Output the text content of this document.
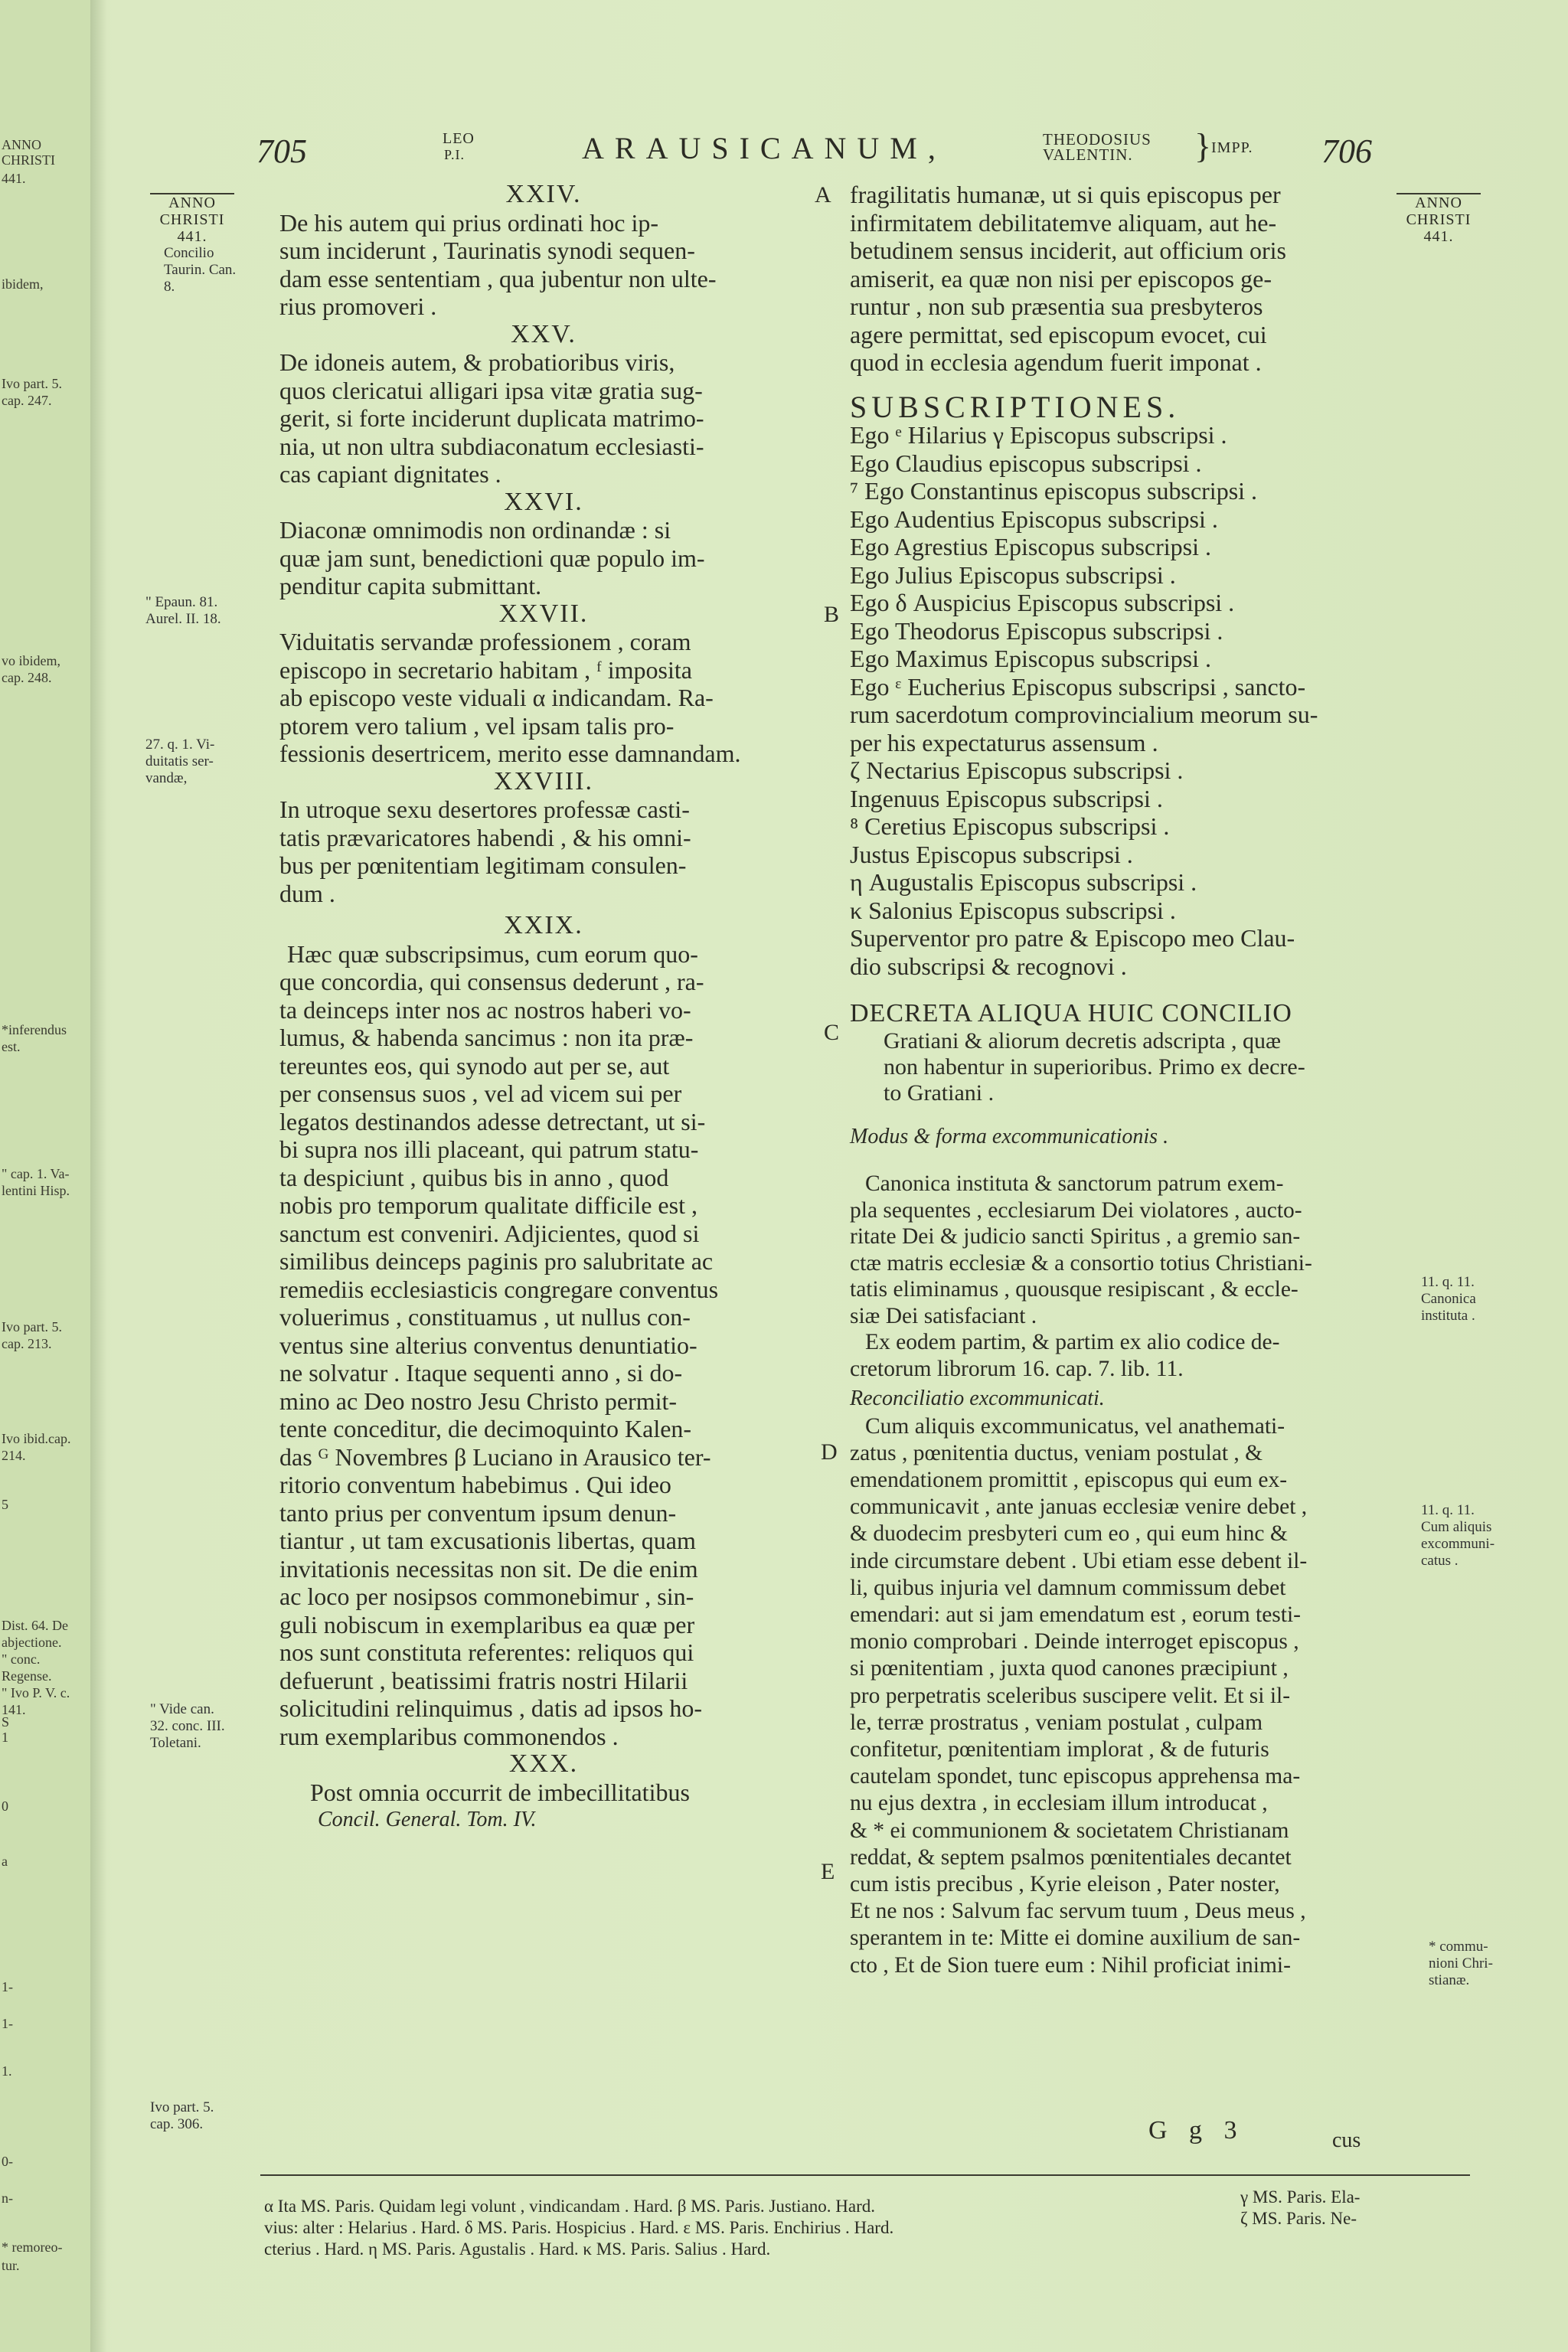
ANNO
CHRISTI
441.
ibidem,
Ivo part. 5.
cap. 247.
vo ibidem,
cap. 248.
*inferendus
est.
" cap. 1. Va-
lentini Hisp.
Ivo part. 5.
cap. 213.
Ivo ibid.cap.
214.
5
Dist. 64. De
abjectione.
" conc.
Regense.
" Ivo P. V. c.
141.
S
1
0
a
1-
1-
1.
0-
n-
* remoreo-
tur.
705	LEO
P.I.	ARAUSICANUM,	THEODOSIUS
VALENTIN. } IMPP. 706
ANNO
CHRISTI
441.
ANNO
CHRISTI
441.
Concilio
Taurin. Can.
8.
" Epaun. 81.
Aurel. II. 18.
27. q. 1. Vi-
duitatis ser-
vandæ,
" Vide can.
32. conc. III.
Toletani.
Ivo part. 5.
cap. 306.
A
B
C
D
E

XXIV.

De his autem qui prius ordinati hoc ip-
sum inciderunt , Taurinatis synodi sequen-
dam esse sententiam , qua jubentur non ulte-
rius promoveri .

XXV.

De idoneis autem, & probatioribus viris,
quos clericatui alligari ipsa vitæ gratia sug-
gerit, si forte inciderunt duplicata matrimo-
nia, ut non ultra subdiaconatum ecclesiasti-
cas capiant dignitates .

XXVI.

Diaconæ omnimodis non ordinandæ : si
quæ jam sunt, benedictioni quæ populo im-
penditur capita submittant.

XXVII.

Viduitatis servandæ professionem , coram
episcopo in secretario habitam , ᶠ imposita
ab episcopo veste viduali α indicandam. Ra-
ptorem vero talium , vel ipsam talis pro-
fessionis desertricem, merito esse damnandam.

XXVIII.

In utroque sexu desertores professæ casti-
tatis prævaricatores habendi , & his omni-
bus per pœnitentiam legitimam consulen-
dum .

XXIX.

Hæc quæ subscripsimus, cum eorum quo-
que concordia, qui consensus dederunt , ra-
ta deinceps inter nos ac nostros haberi vo-
lumus, & habenda sancimus : non ita præ-
tereuntes eos, qui synodo aut per se, aut
per consensus suos , vel ad vicem sui per
legatos destinandos adesse detrectant, ut si-
bi supra nos illi placeant, qui patrum statu-
ta despiciunt , quibus bis in anno , quod
nobis pro temporum qualitate difficile est ,
sanctum est conveniri. Adjicientes, quod si
similibus deinceps paginis pro salubritate ac
remediis ecclesiasticis congregare conventus
voluerimus , constituamus , ut nullus con-
ventus sine alterius conventus denuntiatio-
ne solvatur . Itaque sequenti anno , si do-
mino ac Deo nostro Jesu Christo permit-
tente conceditur, die decimoquinto Kalen-
das ᴳ Novembres β Luciano in Arausico ter-
ritorio conventum habebimus . Qui ideo
tanto prius per conventum ipsum denun-
tiantur , ut tam excusationis libertas, quam
invitationis necessitas non sit. De die enim
ac loco per nosipsos commonebimur , sin-
guli nobiscum in exemplaribus ea quæ per
nos sunt constituta referentes: reliquos qui
defuerunt , beatissimi fratris nostri Hilarii
solicitudini relinquimus , datis ad ipsos ho-
rum exemplaribus commonendos .

XXX.

Post omnia occurrit de imbecillitatibus

Concil. General. Tom. IV.

fragilitatis humanæ, ut si quis episcopus per
infirmitatem debilitatemve aliquam, aut he-
betudinem sensus inciderit, aut officium oris
amiserit, ea quæ non nisi per episcopos ge-
runtur , non sub præsentia sua presbyteros
agere permittat, sed episcopum evocet, cui
quod in ecclesia agendum fuerit imponat .

SUBSCRIPTIONES.

Ego ᵉ Hilarius γ Episcopus subscripsi .
Ego Claudius episcopus subscripsi .
⁷ Ego Constantinus episcopus subscripsi .
Ego Audentius Episcopus subscripsi .
Ego Agrestius Episcopus subscripsi .
Ego Julius Episcopus subscripsi .
Ego δ Auspicius Episcopus subscripsi .
Ego Theodorus Episcopus subscripsi .
Ego Maximus Episcopus subscripsi .
Ego ᵋ Eucherius Episcopus subscripsi , sancto-
rum sacerdotum comprovincialium meorum su-
per his expectaturus assensum .
ζ Nectarius Episcopus subscripsi .
Ingenuus Episcopus subscripsi .
⁸ Ceretius Episcopus subscripsi .
Justus Episcopus subscripsi .
η Augustalis Episcopus subscripsi .
κ Salonius Episcopus subscripsi .
Superventor pro patre & Episcopo meo Clau-
dio subscripsi & recognovi .

DECRETA ALIQUA HUIC CONCILIO

Gratiani & aliorum decretis adscripta , quæ
non habentur in superioribus. Primo ex decre-
to Gratiani .

Modus & forma excommunicationis .

Canonica instituta & sanctorum patrum exem-
pla sequentes , ecclesiarum Dei violatores , aucto-
ritate Dei & judicio sancti Spiritus , a gremio san-
ctæ matris ecclesiæ & a consortio totius Christiani-
tatis eliminamus , quousque resipiscant , & eccle-
siæ Dei satisfaciant .
Ex eodem partim, & partim ex alio codice de-
cretorum librorum 16. cap. 7. lib. 11.

Reconciliatio excommunicati.

Cum aliquis excommunicatus, vel anathemati-
zatus , pœnitentia ductus, veniam postulat , &
emendationem promittit , episcopus qui eum ex-
communicavit , ante januas ecclesiæ venire debet ,
& duodecim presbyteri cum eo , qui eum hinc &
inde circumstare debent . Ubi etiam esse debent il-
li, quibus injuria vel damnum commissum debet
emendari: aut si jam emendatum est , eorum testi-
monio comprobari . Deinde interroget episcopus ,
si pœnitentiam , juxta quod canones præcipiunt ,
pro perpetratis sceleribus suscipere velit. Et si il-
le, terræ prostratus , veniam postulat , culpam
confitetur, pœnitentiam implorat , & de futuris
cautelam spondet, tunc episcopus apprehensa ma-
nu ejus dextra , in ecclesiam illum introducat ,
& * ei communionem & societatem Christianam
reddat, & septem psalmos pœnitentiales decantet
cum istis precibus , Kyrie eleison , Pater noster,
Et ne nos : Salvum fac servum tuum , Deus meus ,
sperantem in te: Mitte ei domine auxilium de san-
cto , Et de Sion tuere eum : Nihil proficiat inimi-
cus
G g 3
11. q. 11.
Canonica
instituta .
11. q. 11.
Cum aliquis
excommuni-
catus .
* commu-
nioni Chri-
stianæ.
α Ita MS. Paris. Quidam legi volunt , vindicandam . Hard. β MS. Paris. Justiano. Hard.
vius: alter : Helarius . Hard. δ MS. Paris. Hospicius . Hard. ε MS. Paris. Enchirius . Hard.
cterius . Hard. η MS. Paris. Agustalis . Hard. κ MS. Paris. Salius . Hard.
γ MS. Paris. Ela-
ζ MS. Paris. Ne-
